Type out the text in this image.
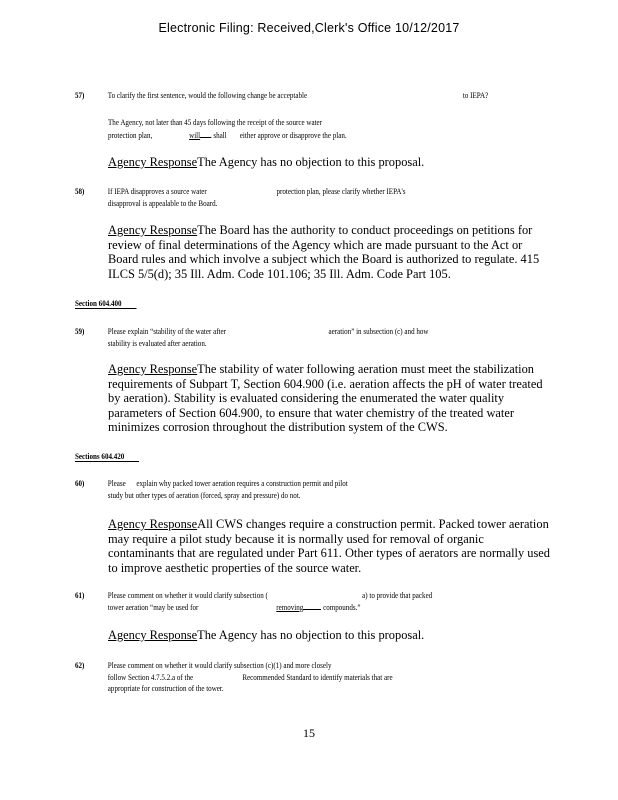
Electronic Filing: Received,Clerk's Office 10/12/2017
57)	To clarify the first sentence, would the following change be acceptable	to IEPA?
The Agency, not later than 45 days following the receipt of the source water
protection plan,	will shall either approve or disapprove the plan.
Agency ResponseThe Agency has no objection to this proposal.
58)	If IEPA disapproves a source water	protection plan, please clarify whether IEPA's
disapproval is appealable to the Board.
Agency ResponseThe Board has the authority to conduct proceedings on petitions for review of final determinations of the Agency which are made pursuant to the Act or Board rules and which involve a subject which the Board is authorized to regulate. 415 ILCS 5/5(d); 35 Ill. Adm. Code 101.106; 35 Ill. Adm. Code Part 105.
Section 604.400
59)	Please explain “stability of the water after	aeration” in subsection (c) and how
stability is evaluated after aeration.
Agency ResponseThe stability of water following aeration must meet the stabilization requirements of Subpart T, Section 604.900 (i.e. aeration affects the pH of water treated by aeration). Stability is evaluated considering the enumerated the water quality parameters of Section 604.900, to ensure that water chemistry of the treated water minimizes corrosion throughout the distribution system of the CWS.
Sections 604.420
60)	Please      explain why packed tower aeration requires a construction permit and pilot
study but other types of aeration (forced, spray and pressure) do not.
Agency ResponseAll CWS changes require a construction permit. Packed tower aeration may require a pilot study because it is normally used for removal of organic contaminants that are regulated under Part 611. Other types of aerators are normally used to improve aesthetic properties of the source water.
61)	Please comment on whether it would clarify subsection (	a) to provide that packed
tower aeration “may be used for	removing compounds.”
Agency ResponseThe Agency has no objection to this proposal.
62)	Please comment on whether it would clarify subsection (c)(1) and more closely
follow Section 4.7.5.2.a of the	Recommended Standard to identify materials that are
appropriate for construction of the tower.
15
